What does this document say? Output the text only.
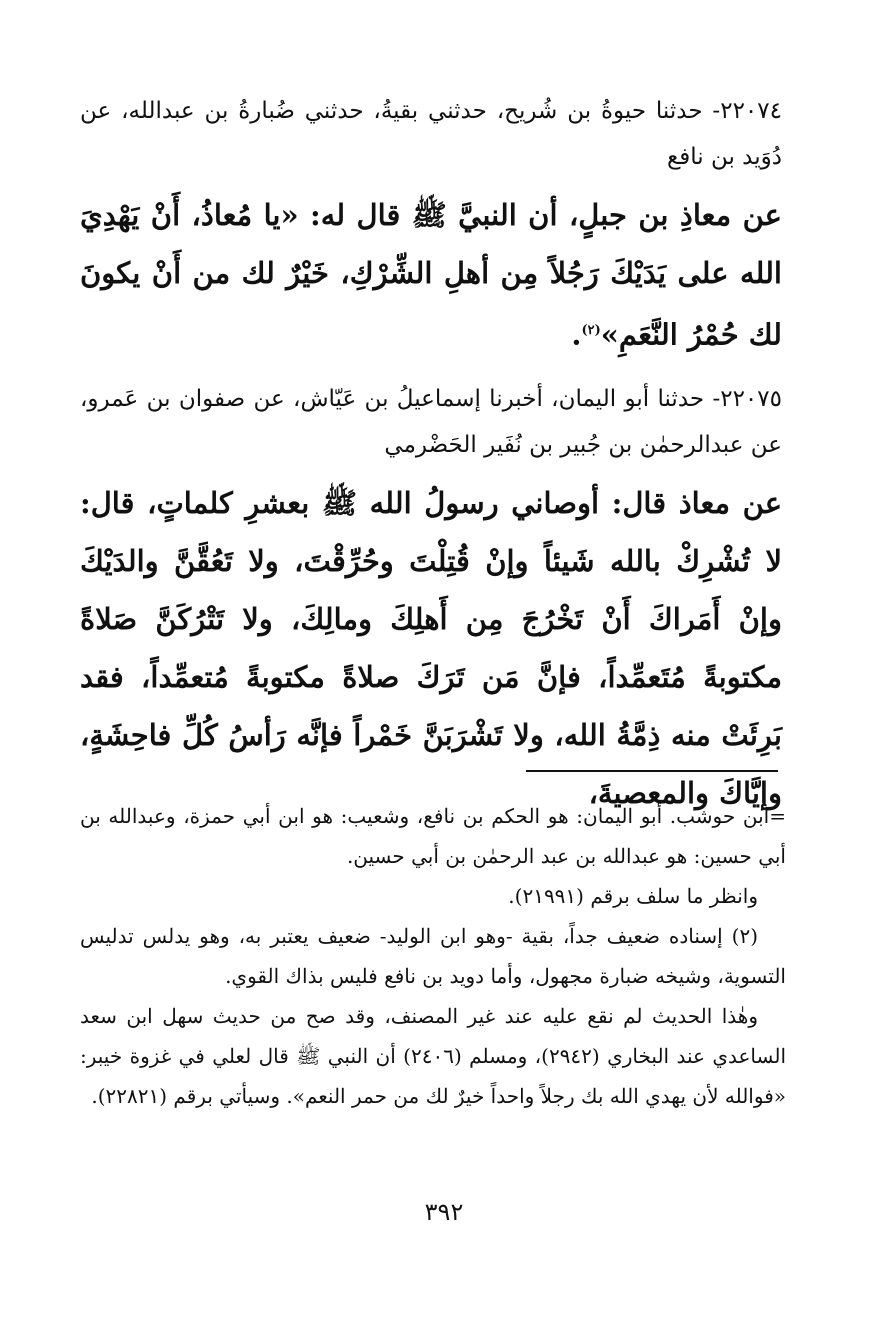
٢٢٠٧٤- حدثنا حيوةُ بن شُريح، حدثني بقيةُ، حدثني ضُبارةُ بن عبدالله، عن دُوَيد بن نافع

عن معاذِ بن جبلٍ، أن النبيَّ ﷺ قال له: «يا مُعاذُ، أَنْ يَهْدِيَ الله على يَدَيْكَ رَجُلاً مِن أهلِ الشِّرْكِ، خَيْرٌ لك من أَنْ يكونَ لك حُمْرُ النَّعَمِ»$^{(٢)}$.

٢٢٠٧٥- حدثنا أبو اليمان، أخبرنا إسماعيلُ بن عَيّاش، عن صفوان بن عَمرو، عن عبدالرحمٰن بن جُبير بن نُفَير الحَضْرمي

عن معاذ قال: أوصاني رسولُ الله ﷺ بعشرِ كلماتٍ، قال: لا تُشْرِكْ بالله شَيئاً وإنْ قُتِلْتَ وحُرِّقْتَ، ولا تَعُقَّنَّ والدَيْكَ وإنْ أَمَراكَ أَنْ تَخْرُجَ مِن أَهلِكَ ومالِكَ، ولا تَتْرُكَنَّ صَلاةً مكتوبةً مُتَعمِّداً، فإنَّ مَن تَرَكَ صلاةً مكتوبةً مُتعمِّداً، فقد بَرِئَتْ منه ذِمَّةُ الله، ولا تَشْرَبَنَّ خَمْراً فإنَّه رَأسُ كُلِّ فاحِشَةٍ، وإيَّاكَ والمعصيةَ،

=ابن حوشب. أبو اليمان: هو الحكم بن نافع، وشعيب: هو ابن أبي حمزة، وعبدالله بن أبي حسين: هو عبدالله بن عبد الرحمٰن بن أبي حسين.

وانظر ما سلف برقم (٢١٩٩١).

(٢) إسناده ضعيف جداً، بقية -وهو ابن الوليد- ضعيف يعتبر به، وهو يدلس تدليس التسوية، وشيخه ضبارة مجهول، وأما دويد بن نافع فليس بذاك القوي.

وهٰذا الحديث لم نقع عليه عند غير المصنف، وقد صح من حديث سهل ابن سعد الساعدي عند البخاري (٢٩٤٢)، ومسلم (٢٤٠٦) أن النبي ﷺ قال لعلي في غزوة خيبر: «فوالله لأن يهدي الله بك رجلاً واحداً خيرٌ لك من حمر النعم». وسيأتي برقم (٢٢٨٢١).

٣٩٢
